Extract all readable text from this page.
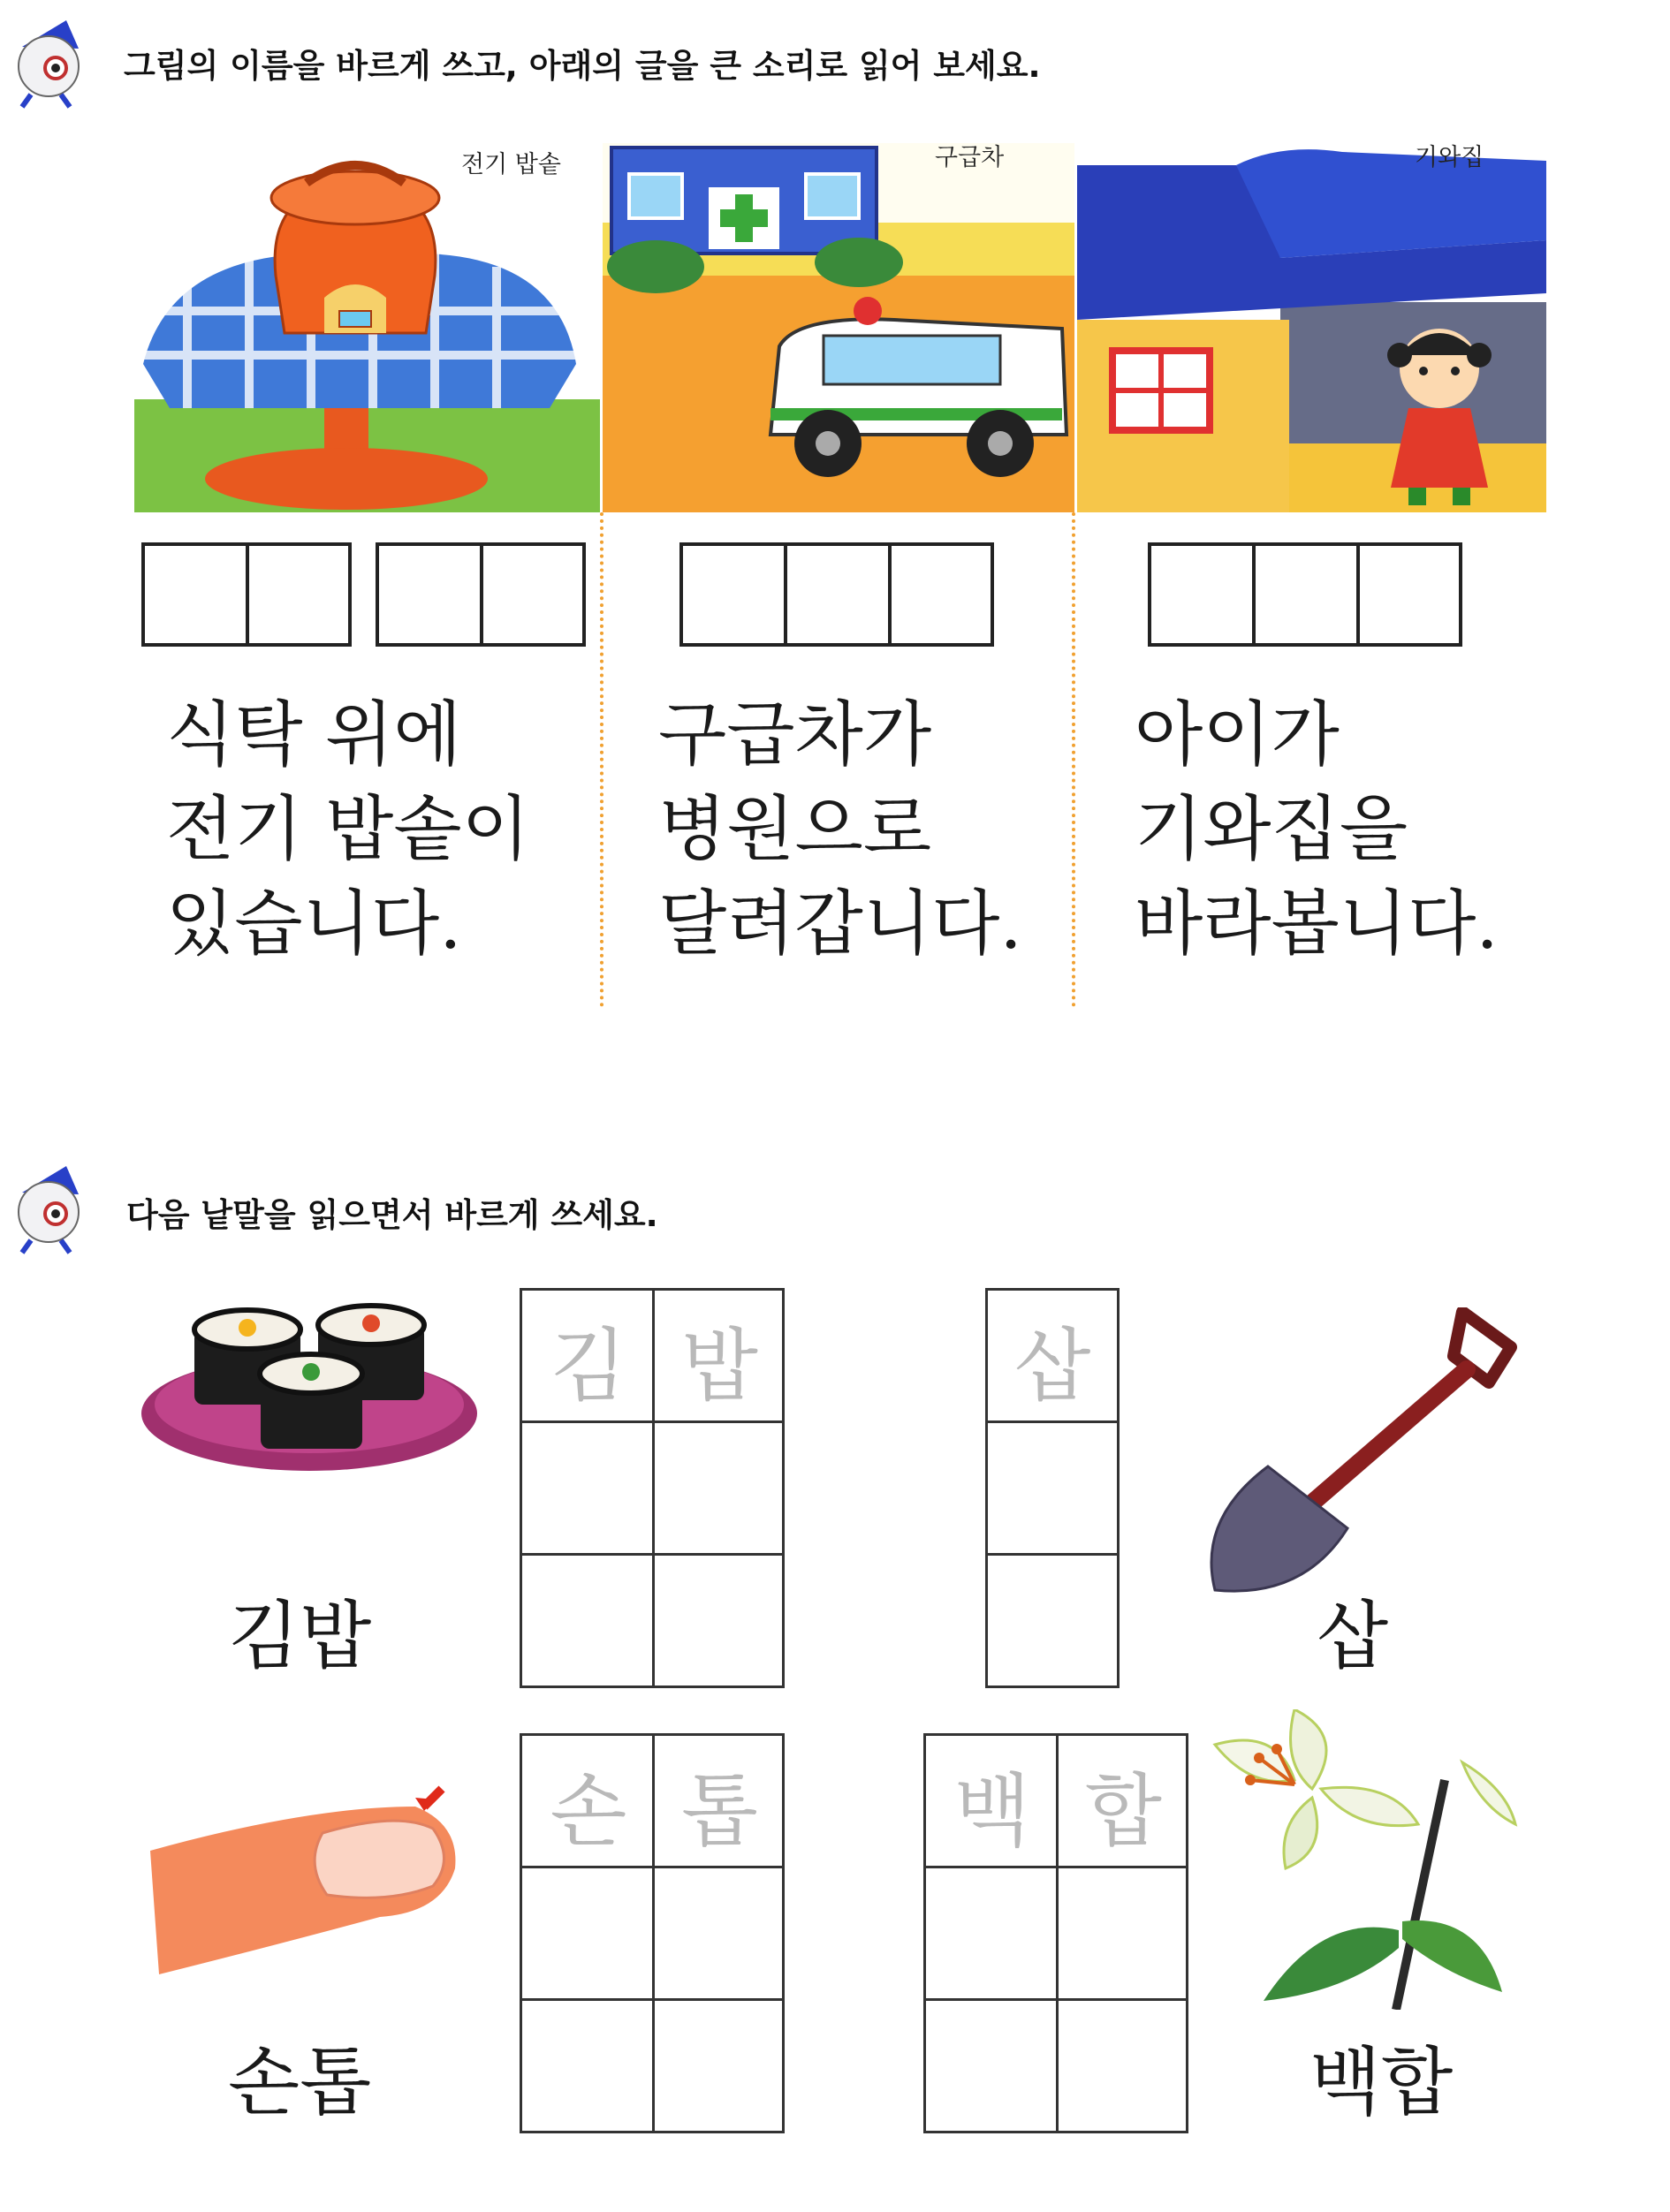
그림의 이름을 바르게 쓰고, 아래의 글을 큰 소리로 읽어 보세요.
전기 밥솥	구급차	기와집
식탁 위에
전기 밥솥이
있습니다.
구급차가
병원으로
달려갑니다.
아이가
기와집을
바라봅니다.
다음 낱말을 읽으면서 바르게 쓰세요.
김밥
김 밥	삽
삽
손톱
손 톱	백 합
백합
